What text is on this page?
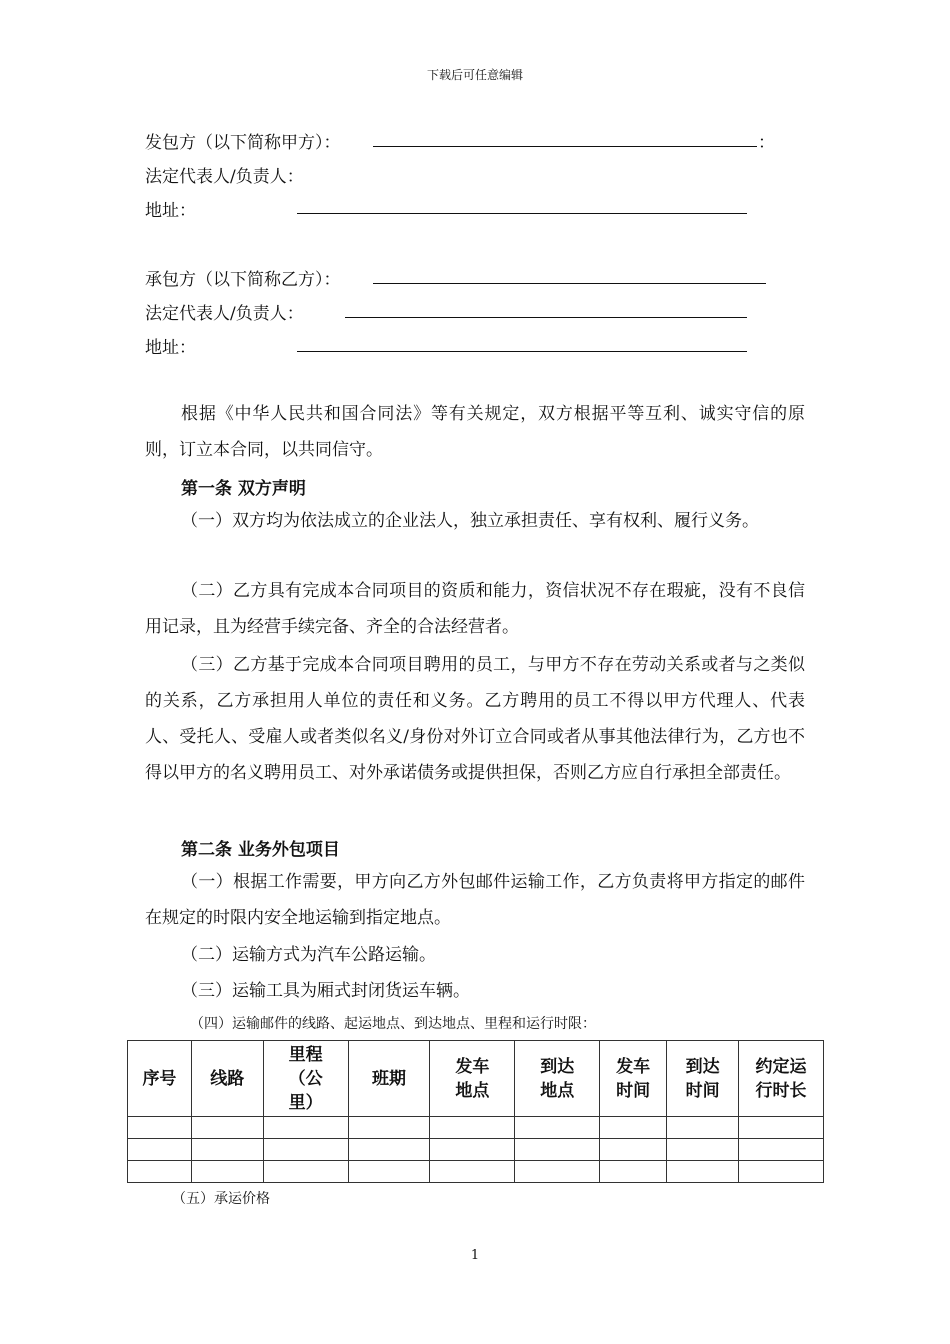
下载后可任意编辑
发包方（以下简称甲方）：	：
法定代表人/负责人：
地址：
承包方（以下简称乙方）：
法定代表人/负责人：
地址：
根据《中华人民共和国合同法》等有关规定，双方根据平等互利、诚实守信的原则，订立本合同，以共同信守。
第一条 双方声明
（一）双方均为依法成立的企业法人，独立承担责任、享有权利、履行义务。
（二）乙方具有完成本合同项目的资质和能力，资信状况不存在瑕疵，没有不良信用记录，且为经营手续完备、齐全的合法经营者。
（三）乙方基于完成本合同项目聘用的员工，与甲方不存在劳动关系或者与之类似的关系，乙方承担用人单位的责任和义务。乙方聘用的员工不得以甲方代理人、代表人、受托人、受雇人或者类似名义/身份对外订立合同或者从事其他法律行为，乙方也不得以甲方的名义聘用员工、对外承诺债务或提供担保，否则乙方应自行承担全部责任。
第二条 业务外包项目
（一）根据工作需要，甲方向乙方外包邮件运输工作，乙方负责将甲方指定的邮件在规定的时限内安全地运输到指定地点。
（二）运输方式为汽车公路运输。
（三）运输工具为厢式封闭货运车辆。
（四）运输邮件的线路、起运地点、到达地点、里程和运行时限：
序号	线路	里程（公里）	班期	发车地点	到达地点	发车时间	到达时间	约定运行时长

（五）承运价格
1
